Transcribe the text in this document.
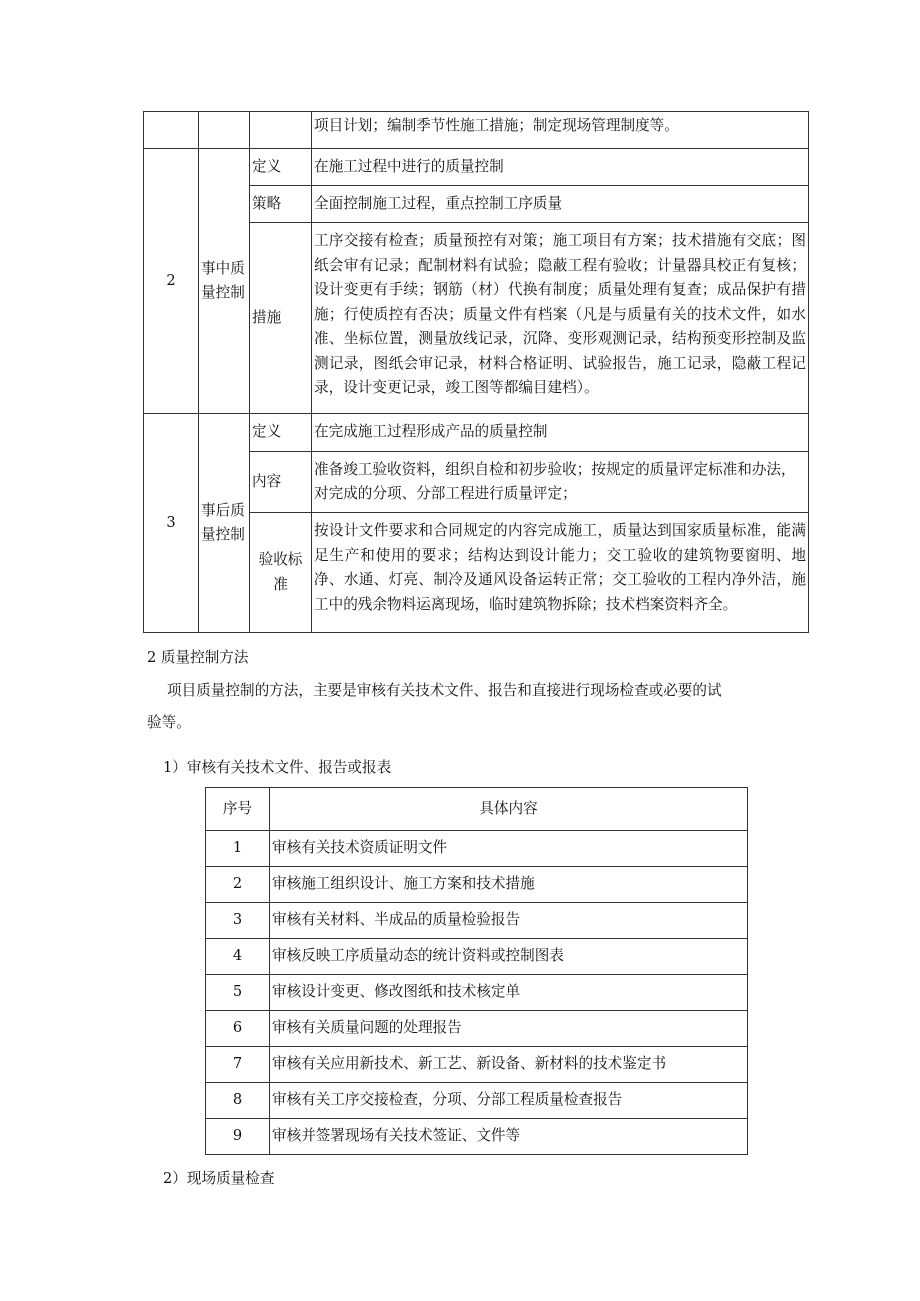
			项目计划；编制季节性施工措施；制定现场管理制度等。
2	事中质量控制	定义	在施工过程中进行的质量控制
		策略	全面控制施工过程，重点控制工序质量
		措施	工序交接有检查；质量预控有对策；施工项目有方案；技术措施有交底；图纸会审有记录；配制材料有试验；隐蔽工程有验收；计量器具校正有复核；设计变更有手续；钢筋（材）代换有制度；质量处理有复查；成品保护有措施；行使质控有否决；质量文件有档案（凡是与质量有关的技术文件，如水准、坐标位置，测量放线记录，沉降、变形观测记录，结构预变形控制及监测记录，图纸会审记录，材料合格证明、试验报告，施工记录，隐蔽工程记录，设计变更记录，竣工图等都编目建档）。
3	事后质量控制	定义	在完成施工过程形成产品的质量控制
		内容	准备竣工验收资料，组织自检和初步验收；按规定的质量评定标准和办法，对完成的分项、分部工程进行质量评定；
		验收标准	按设计文件要求和合同规定的内容完成施工，质量达到国家质量标准，能满足生产和使用的要求；结构达到设计能力；交工验收的建筑物要窗明、地净、水通、灯亮、制冷及通风设备运转正常；交工验收的工程内净外洁，施工中的残余物料运离现场，临时建筑物拆除；技术档案资料齐全。
2 质量控制方法
项目质量控制的方法，主要是审核有关技术文件、报告和直接进行现场检查或必要的试
验等。
1）审核有关技术文件、报告或报表
序号	具体内容
1	审核有关技术资质证明文件
2	审核施工组织设计、施工方案和技术措施
3	审核有关材料、半成品的质量检验报告
4	审核反映工序质量动态的统计资料或控制图表
5	审核设计变更、修改图纸和技术核定单
6	审核有关质量问题的处理报告
7	审核有关应用新技术、新工艺、新设备、新材料的技术鉴定书
8	审核有关工序交接检查，分项、分部工程质量检查报告
9	审核并签署现场有关技术签证、文件等
2）现场质量检查
